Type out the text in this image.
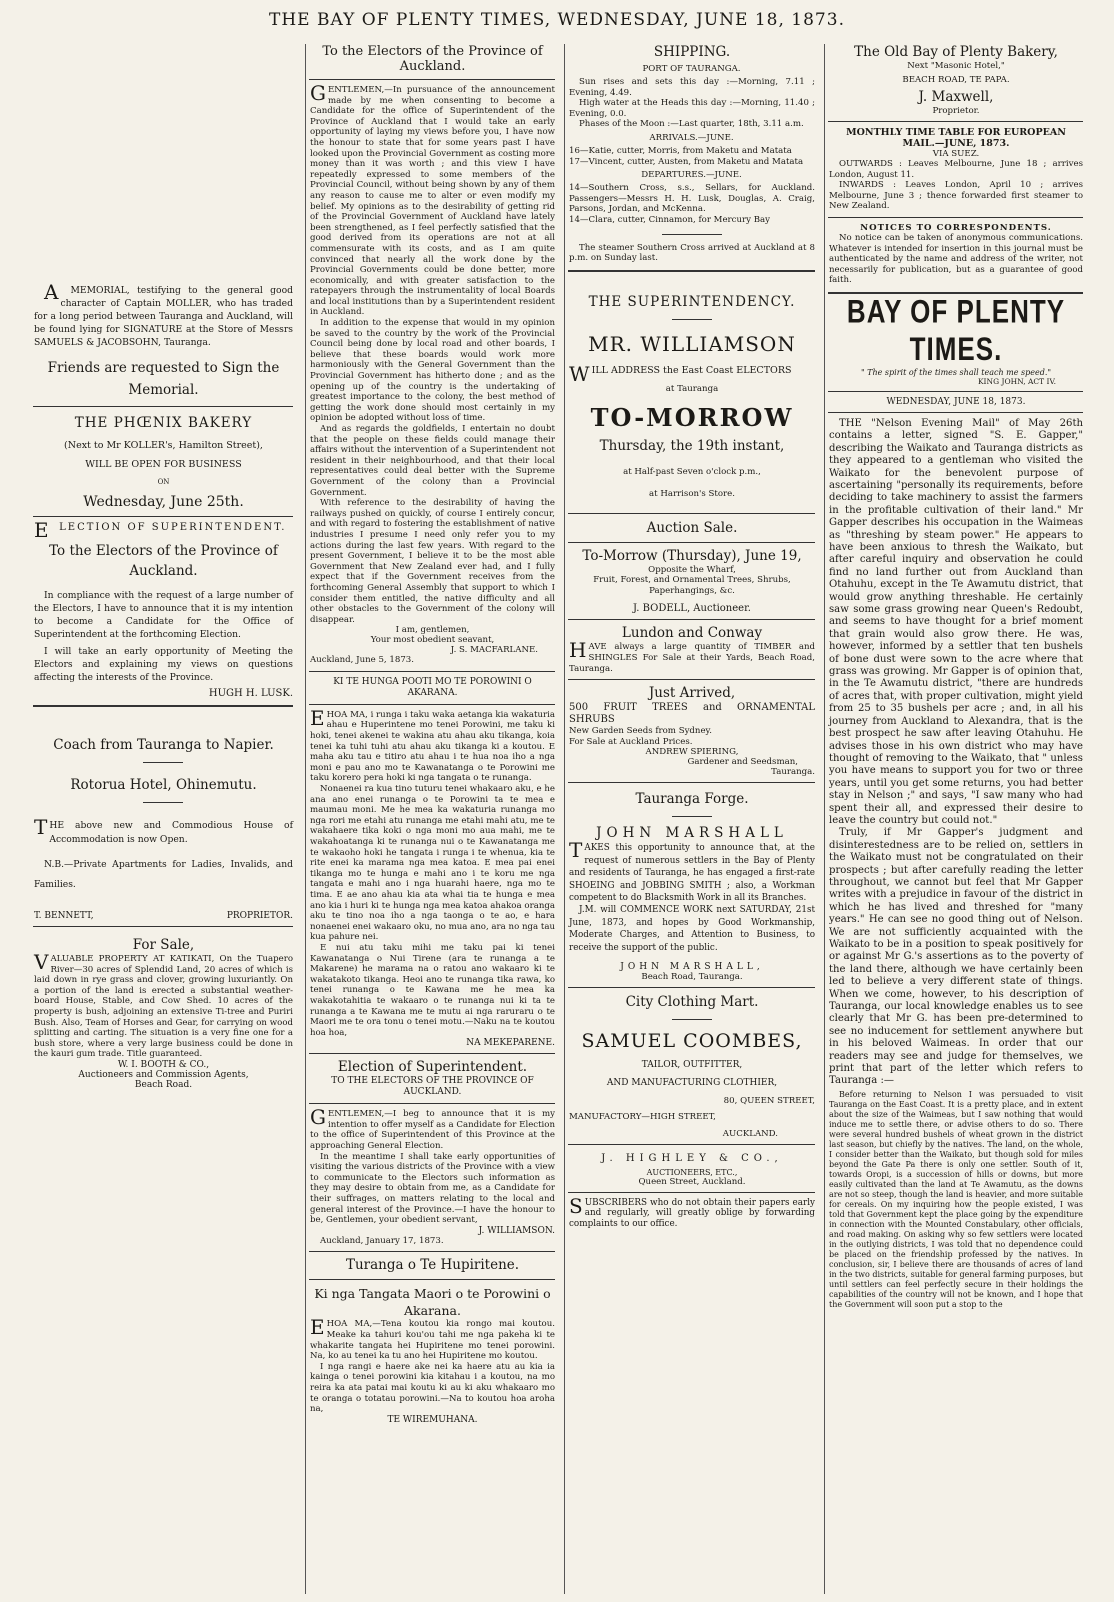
THE BAY OF PLENTY TIMES, WEDNESDAY, JUNE 18, 1873.

AMEMORIAL, testifying to the general good character of Captain MOLLER, who has traded for a long period between Tauranga and Auckland, will be found lying for SIGNATURE at the Store of Messrs SAMUELS & JACOBSOHN, Tauranga.

Friends are requested to Sign the Memorial.
THE PHŒNIX BAKERY
(Next to Mr KOLLER's, Hamilton Street),
WILL BE OPEN FOR BUSINESS
ON
Wednesday, June 25th.
ELECTION OF SUPERINTENDENT.
To the Electors of the Province of Auckland.

In compliance with the request of a large number of the Electors, I have to announce that it is my intention to become a Candidate for the Office of Superintendent at the forthcoming Election.

I will take an early opportunity of Meeting the Electors and explaining my views on questions affecting the interests of the Province.

HUGH H. LUSK.
Coach from Tauranga to Napier.
Rotorua Hotel, Ohinemutu.

THE above new and Commodious House of Accommodation is now Open.

N.B.—Private Apartments for Ladies, Invalids, and Families.

T. BENNETT,	PROPRIETOR.
For Sale,

VALUABLE PROPERTY AT KATIKATI, On the Tuapero River—30 acres of Splendid Land, 20 acres of which is laid down in rye grass and clover, growing luxuriantly. On a portion of the land is erected a substantial weather-board House, Stable, and Cow Shed. 10 acres of the property is bush, adjoining an extensive Ti-tree and Puriri Bush. Also, Team of Horses and Gear, for carrying on wood splitting and carting. The situation is a very fine one for a bush store, where a very large business could be done in the kauri gum trade. Title guaranteed.

W. I. BOOTH & CO.,
Auctioneers and Commission Agents,
Beach Road.
To the Electors of the Province of Auckland.

GENTLEMEN,—In pursuance of the announcement made by me when consenting to become a Candidate for the office of Superintendent of the Province of Auckland that I would take an early opportunity of laying my views before you, I have now the honour to state that for some years past I have looked upon the Provincial Government as costing more money than it was worth ; and this view I have repeatedly expressed to some members of the Provincial Council, without being shown by any of them any reason to cause me to alter or even modify my belief. My opinions as to the desirability of getting rid of the Provincial Government of Auckland have lately been strengthened, as I feel perfectly satisfied that the good derived from its operations are not at all commensurate with its costs, and as I am quite convinced that nearly all the work done by the Provincial Governments could be done better, more economically, and with greater satisfaction to the ratepayers through the instrumentality of local Boards and local institutions than by a Superintendent resident in Auckland.

In addition to the expense that would in my opinion be saved to the country by the work of the Provincial Council being done by local road and other boards, I believe that these boards would work more harmoniously with the General Government than the Provincial Government has hitherto done ; and as the opening up of the country is the undertaking of greatest importance to the colony, the best method of getting the work done should most certainly in my opinion be adopted without loss of time.

And as regards the goldfields, I entertain no doubt that the people on these fields could manage their affairs without the intervention of a Superintendent not resident in their neighbourhood, and that their local representatives could deal better with the Supreme Government of the colony than a Provincial Government.

With reference to the desirability of having the railways pushed on quickly, of course I entirely concur, and with regard to fostering the establishment of native industries I presume I need only refer you to my actions during the last few years. With regard to the present Government, I believe it to be the most able Government that New Zealand ever had, and I fully expect that if the Government receives from the forthcoming General Assembly that support to which I consider them entitled, the native difficulty and all other obstacles to the Government of the colony will disappear.

I am, gentlemen,
Your most obedient seavant,
J. S. MACFARLANE.
Auckland, June 5, 1873.
KI TE HUNGA POOTI MO TE POROWINI O AKARANA.

EHOA MA, i runga i taku waka aetanga kia wakaturia ahau e Huperintene mo tenei Porowini, me taku ki hoki, tenei akenei te wakina atu ahau aku tikanga, koia tenei ka tuhi tuhi atu ahau aku tikanga ki a koutou. E maha aku tau e titiro atu ahau i te hua noa iho a nga moni e pau ano mo te Kawanatanga o te Porowini me taku korero pera hoki ki nga tangata o te runanga.

Nonaenei ra kua tino tuturu tenei whakaaro aku, e he ana ano enei runanga o te Porowini ta te mea e maumau moni. Me he mea ka wakaturia runanga mo nga rori me etahi atu runanga me etahi mahi atu, me te wakahaere tika koki o nga moni mo aua mahi, me te wakahoatanga ki te runanga nui o te Kawanatanga me te wakaoho hoki he tangata i runga i te whenua, kia te rite enei ka marama nga mea katoa. E mea pai enei tikanga mo te hunga e mahi ano i te koru me nga tangata e mahi ano i nga huarahi haere, nga mo te tima. E ae ano ahau kia ata whai tia te hunga e mea ano kia i huri ki te hunga nga mea katoa ahakoa oranga aku te tino noa iho a nga taonga o te ao, e hara nonaenei enei wakaaro oku, no mua ano, ara no nga tau kua pahure nei.

E nui atu taku mihi me taku pai ki tenei Kawanatanga o Nui Tirene (ara te runanga a te Makarene) he marama na o ratou ano wakaaro ki te wakatakoto tikanga. Heoi ano te runanga tika rawa, ko tenei runanga o te Kawana me he mea ka wakakotahitia te wakaaro o te runanga nui ki ta te runanga a te Kawana me te mutu ai nga raruraru o te Maori me te ora tonu o tenei motu.—Naku na te koutou hoa hoa,

NA MEKEPARENE.
Election of Superintendent.
TO THE ELECTORS OF THE PROVINCE OF AUCKLAND.

GENTLEMEN,—I beg to announce that it is my intention to offer myself as a Candidate for Election to the office of Superintendent of this Province at the approaching General Election.

In the meantime I shall take early opportunities of visiting the various districts of the Province with a view to communicate to the Electors such information as they may desire to obtain from me, as a Candidate for their suffrages, on matters relating to the local and general interest of the Province.—I have the honour to be, Gentlemen, your obedient servant,

J. WILLIAMSON.
Auckland, January 17, 1873.
Turanga o Te Hupiritene.
Ki nga Tangata Maori o te Porowini o Akarana.

EHOA MA,—Tena koutou kia rongo mai koutou. Meake ka tahuri kou'ou tahi me nga pakeha ki te whakarite tangata hei Hupiritene mo tenei porowini. Na, ko au tenei ka tu ano hei Hupiritene mo koutou.

I nga rangi e haere ake nei ka haere atu au kia ia kainga o tenei porowini kia kitahau i a koutou, na mo reira ka ata patai mai koutu ki au ki aku whakaaro mo te oranga o totatau porowini.—Na to koutou hoa aroha na,

TE WIREMUHANA.
SHIPPING.
PORT OF TAURANGA.

Sun rises and sets this day :—Morning, 7.11 ; Evening, 4.49.

High water at the Heads this day :—Morning, 11.40 ; Evening, 0.0.

Phases of the Moon :—Last quarter, 18th, 3.11 a.m.

ARRIVALS.—JUNE.

16—Katie, cutter, Morris, from Maketu and Matata

17—Vincent, cutter, Austen, from Maketu and Matata

DEPARTURES.—JUNE.

14—Southern Cross, s.s., Sellars, for Auckland. Passengers—Messrs H. H. Lusk, Douglas, A. Craig, Parsons, Jordan, and McKenna.

14—Clara, cutter, Cinnamon, for Mercury Bay

The steamer Southern Cross arrived at Auckland at 8 p.m. on Sunday last.

THE SUPERINTENDENCY.
MR. WILLIAMSON
WILL ADDRESS the East Coast ELECTORS
at Tauranga
TO-MORROW
Thursday, the 19th instant,
at Half-past Seven o'clock p.m.,
at Harrison's Store.
Auction Sale.
To-Morrow (Thursday), June 19,
Opposite the Wharf,
Fruit, Forest, and Ornamental Trees, Shrubs, Paperhangings, &c.
J. BODELL, Auctioneer.
Lundon and Conway

HAVE always a large quantity of TIMBER and SHINGLES For Sale at their Yards, Beach Road, Tauranga.

Just Arrived,
500 FRUIT TREES and ORNAMENTAL SHRUBS
New Garden Seeds from Sydney.
For Sale at Auckland Prices.
ANDREW SPIERING,
Gardener and Seedsman,
Tauranga.
Tauranga Forge.
JOHN MARSHALL

TAKES this opportunity to announce that, at the request of numerous settlers in the Bay of Plenty and residents of Tauranga, he has engaged a first-rate SHOEING and JOBBING SMITH ; also, a Workman competent to do Blacksmith Work in all its Branches.

J.M. will COMMENCE WORK next SATURDAY, 21st June, 1873, and hopes by Good Workmanship, Moderate Charges, and Attention to Business, to receive the support of the public.

JOHN MARSHALL,
Beach Road, Tauranga.
City Clothing Mart.
SAMUEL COOMBES,
TAILOR, OUTFITTER,
AND MANUFACTURING CLOTHIER,
80, QUEEN STREET,
MANUFACTORY—HIGH STREET,
AUCKLAND.
J. HIGHLEY & CO.,
AUCTIONEERS, ETC.,
Queen Street, Auckland.

SUBSCRIBERS who do not obtain their papers early and regularly, will greatly oblige by forwarding complaints to our office.

The Old Bay of Plenty Bakery,
Next "Masonic Hotel,"
BEACH ROAD, TE PAPA.
J. Maxwell,
Proprietor.
MONTHLY TIME TABLE FOR EUROPEAN MAIL.—JUNE, 1873.
VIA SUEZ.

OUTWARDS : Leaves Melbourne, June 18 ; arrives London, August 11.

INWARDS : Leaves London, April 10 ; arrives Melbourne, June 3 ; thence forwarded first steamer to New Zealand.

NOTICES TO CORRESPONDENTS.

No notice can be taken of anonymous communications. Whatever is intended for insertion in this journal must be authenticated by the name and address of the writer, not necessarily for publication, but as a guarantee of good faith.

BAY OF PLENTY TIMES.
" The spirit of the times shall teach me speed."
KING JOHN, ACT IV.
WEDNESDAY, JUNE 18, 1873.

THE "Nelson Evening Mail" of May 26th contains a letter, signed "S. E. Gapper," describing the Waikato and Tauranga districts as they appeared to a gentleman who visited the Waikato for the benevolent purpose of ascertaining "personally its requirements, before deciding to take machinery to assist the farmers in the profitable cultivation of their land." Mr Gapper describes his occupation in the Waimeas as "threshing by steam power." He appears to have been anxious to thresh the Waikato, but after careful inquiry and observation he could find no land further out from Auckland than Otahuhu, except in the Te Awamutu district, that would grow anything threshable. He certainly saw some grass growing near Queen's Redoubt, and seems to have thought for a brief moment that grain would also grow there. He was, however, informed by a settler that ten bushels of bone dust were sown to the acre where that grass was growing. Mr Gapper is of opinion that, in the Te Awamutu district, "there are hundreds of acres that, with proper cultivation, might yield from 25 to 35 bushels per acre ; and, in all his journey from Auckland to Alexandra, that is the best prospect he saw after leaving Otahuhu. He advises those in his own district who may have thought of removing to the Waikato, that " unless you have means to support you for two or three years, until you get some returns, you had better stay in Nelson ;" and says, "I saw many who had spent their all, and expressed their desire to leave the country but could not."

Truly, if Mr Gapper's judgment and disinterestedness are to be relied on, settlers in the Waikato must not be congratulated on their prospects ; but after carefully reading the letter throughout, we cannot but feel that Mr Gapper writes with a prejudice in favour of the district in which he has lived and threshed for "many years." He can see no good thing out of Nelson. We are not sufficiently acquainted with the Waikato to be in a position to speak positively for or against Mr G.'s assertions as to the poverty of the land there, although we have certainly been led to believe a very different state of things. When we come, however, to his description of Tauranga, our local knowledge enables us to see clearly that Mr G. has been pre-determined to see no inducement for settlement anywhere but in his beloved Waimeas. In order that our readers may see and judge for themselves, we print that part of the letter which refers to Tauranga :—

Before returning to Nelson I was persuaded to visit Tauranga on the East Coast. It is a pretty place, and in extent about the size of the Waimeas, but I saw nothing that would induce me to settle there, or advise others to do so. There were several hundred bushels of wheat grown in the district last season, but chiefly by the natives. The land, on the whole, I consider better than the Waikato, but though sold for miles beyond the Gate Pa there is only one settler. South of it, towards Oropi, is a succession of hills or downs, but more easily cultivated than the land at Te Awamutu, as the downs are not so steep, though the land is heavier, and more suitable for cereals. On my inquiring how the people existed, I was told that Government kept the place going by the expenditure in connection with the Mounted Constabulary, other officials, and road making. On asking why so few settlers were located in the outlying districts, I was told that no dependence could be placed on the friendship professed by the natives. In conclusion, sir, I believe there are thousands of acres of land in the two districts, suitable for general farming purposes, but until settlers can feel perfectly secure in their holdings the capabilities of the country will not be known, and I hope that the Government will soon put a stop to the
